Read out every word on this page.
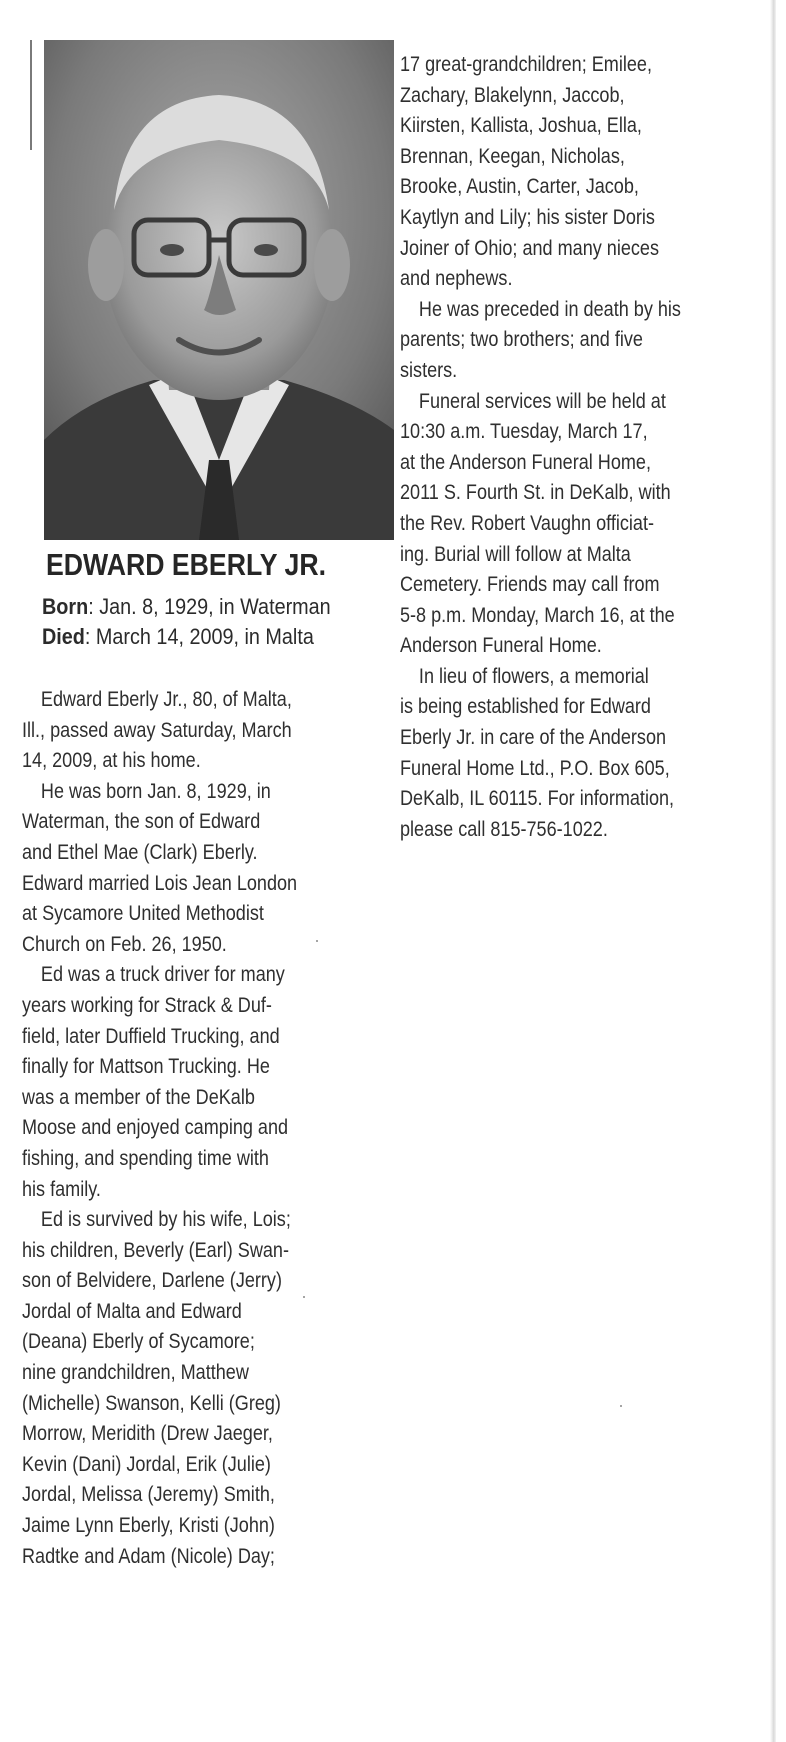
EDWARD EBERLY JR.
Born: Jan. 8, 1929, in Waterman
Died: March 14, 2009, in Malta
Edward Eberly Jr., 80, of Malta,
Ill., passed away Saturday, March
14, 2009, at his home.
He was born Jan. 8, 1929, in
Waterman, the son of Edward
and Ethel Mae (Clark) Eberly.
Edward married Lois Jean London
at Sycamore United Methodist
Church on Feb. 26, 1950.
Ed was a truck driver for many
years working for Strack & Duf-
field, later Duffield Trucking, and
finally for Mattson Trucking. He
was a member of the DeKalb
Moose and enjoyed camping and
fishing, and spending time with
his family.
Ed is survived by his wife, Lois;
his children, Beverly (Earl) Swan-
son of Belvidere, Darlene (Jerry)
Jordal of Malta and Edward
(Deana) Eberly of Sycamore;
nine grandchildren, Matthew
(Michelle) Swanson, Kelli (Greg)
Morrow, Meridith (Drew Jaeger,
Kevin (Dani) Jordal, Erik (Julie)
Jordal, Melissa (Jeremy) Smith,
Jaime Lynn Eberly, Kristi (John)
Radtke and Adam (Nicole) Day;
17 great-grandchildren; Emilee,
Zachary, Blakelynn, Jaccob,
Kiirsten, Kallista, Joshua, Ella,
Brennan, Keegan, Nicholas,
Brooke, Austin, Carter, Jacob,
Kaytlyn and Lily; his sister Doris
Joiner of Ohio; and many nieces
and nephews.
He was preceded in death by his
parents; two brothers; and five
sisters.
Funeral services will be held at
10:30 a.m. Tuesday, March 17,
at the Anderson Funeral Home,
2011 S. Fourth St. in DeKalb, with
the Rev. Robert Vaughn officiat-
ing. Burial will follow at Malta
Cemetery. Friends may call from
5-8 p.m. Monday, March 16, at the
Anderson Funeral Home.
In lieu of flowers, a memorial
is being established for Edward
Eberly Jr. in care of the Anderson
Funeral Home Ltd., P.O. Box 605,
DeKalb, IL 60115. For information,
please call 815-756-1022.
